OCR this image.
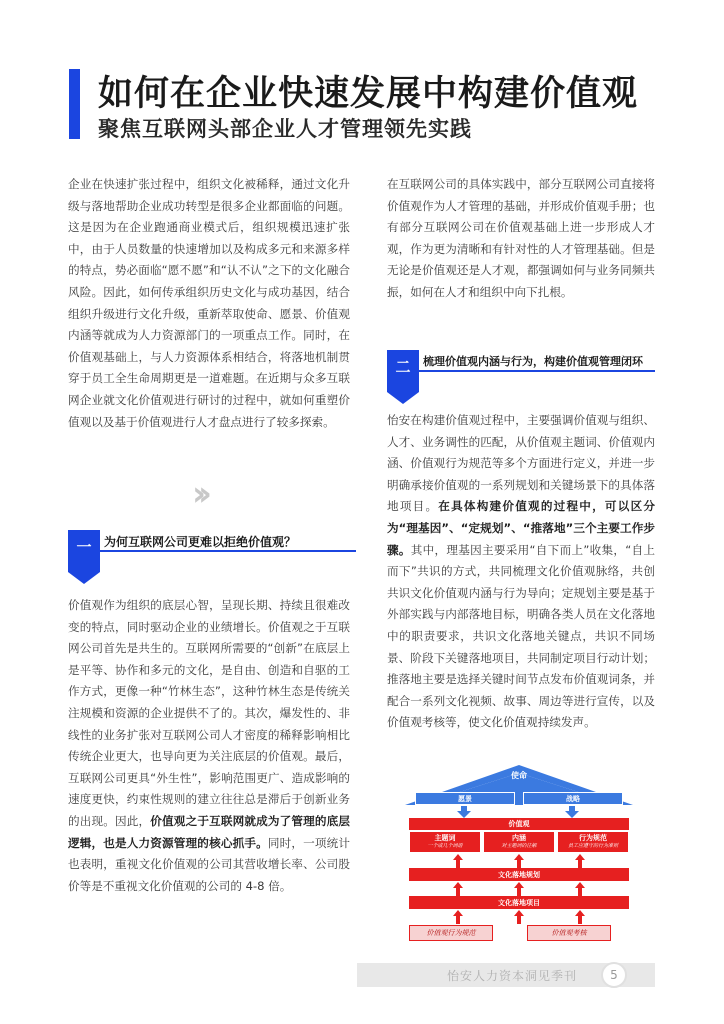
如何在企业快速发展中构建价值观
聚焦互联网头部企业人才管理领先实践

企业在快速扩张过程中，组织文化被稀释，通过文化升级与落地帮助企业成功转型是很多企业都面临的问题。这是因为在企业跑通商业模式后，组织规模迅速扩张中，由于人员数量的快速增加以及构成多元和来源多样的特点，势必面临“愿不愿”和“认不认”之下的文化融合风险。因此，如何传承组织历史文化与成功基因，结合组织升级进行文化升级，重新萃取使命、愿景、价值观内涵等就成为人力资源部门的一项重点工作。同时，在价值观基础上，与人力资源体系相结合，将落地机制贯穿于员工全生命周期更是一道难题。在近期与众多互联网企业就文化价值观进行研讨的过程中，就如何重塑价值观以及基于价值观进行人才盘点进行了较多探索。

››
一	为何互联网公司更难以拒绝价值观？

价值观作为组织的底层心智，呈现长期、持续且很难改变的特点，同时驱动企业的业绩增长。价值观之于互联网公司首先是共生的。互联网所需要的“创新”在底层上是平等、协作和多元的文化，是自由、创造和自驱的工作方式，更像一种“竹林生态”，这种竹林生态是传统关注规模和资源的企业提供不了的。其次，爆发性的、非线性的业务扩张对互联网公司人才密度的稀释影响相比传统企业更大，也导向更为关注底层的价值观。最后，互联网公司更具“外生性”，影响范围更广、造成影响的速度更快，约束性规则的建立往往总是滞后于创新业务的出现。因此，价值观之于互联网就成为了管理的底层逻辑，也是人力资源管理的核心抓手。同时，一项统计也表明，重视文化价值观的公司其营收增长率、公司股价等是不重视文化价值观的公司的 4-8 倍。

在互联网公司的具体实践中，部分互联网公司直接将价值观作为人才管理的基础，并形成价值观手册；也有部分互联网公司在价值观基础上进一步形成人才观，作为更为清晰和有针对性的人才管理基础。但是无论是价值观还是人才观，都强调如何与业务同频共振，如何在人才和组织中向下扎根。

二	梳理价值观内涵与行为，构建价值观管理闭环

怡安在构建价值观过程中，主要强调价值观与组织、人才、业务调性的匹配，从价值观主题词、价值观内涵、价值观行为规范等多个方面进行定义，并进一步明确承接价值观的一系列规划和关键场景下的具体落地项目。在具体构建价值观的过程中，可以区分为“理基因”、“定规划”、“推落地”三个主要工作步骤。其中，理基因主要采用“自下而上”收集，“自上而下”共识的方式，共同梳理文化价值观脉络，共创共识文化价值观内涵与行为导向；定规划主要是基于外部实践与内部落地目标，明确各类人员在文化落地中的职责要求，共识文化落地关键点，共识不同场景、阶段下关键落地项目，共同制定项目行动计划；推落地主要是选择关键时间节点发布价值观词条，并配合一系列文化视频、故事、周边等进行宣传，以及价值观考核等，使文化价值观持续发声。

使命
愿景	战略
价值观
主题词
一个或几个词语
内涵
对主题词的注解
行为规范
员工应遵守的行为准则
文化落地规划
文化落地项目
价值观行为规范	价值观考核
怡安人力资本洞见季刊	5
